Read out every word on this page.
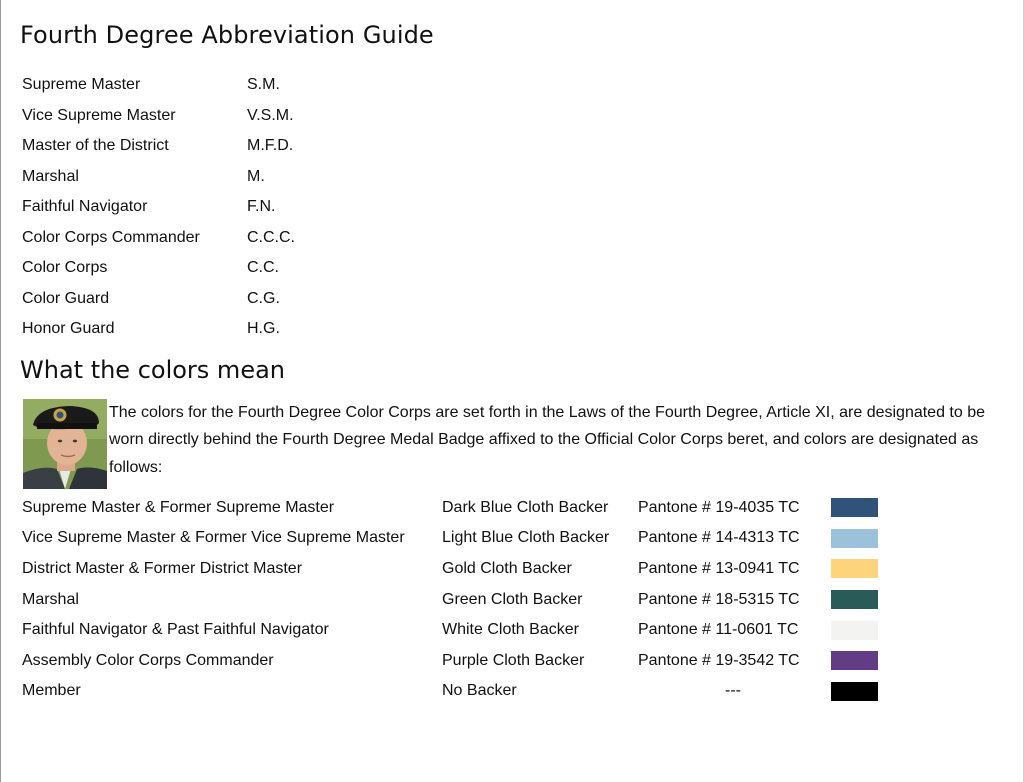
Fourth Degree Abbreviation Guide
Supreme Master	S.M.
Vice Supreme Master	V.S.M.
Master of the District	M.F.D.
Marshal	M.
Faithful Navigator	F.N.
Color Corps Commander	C.C.C.
Color Corps	C.C.
Color Guard	C.G.
Honor Guard	H.G.
What the colors mean

The colors for the Fourth Degree Color Corps are set forth in the Laws of the Fourth Degree, Article XI, are designated to be worn directly behind the Fourth Degree Medal Badge affixed to the Official Color Corps beret, and colors are designated as follows:

Supreme Master & Former Supreme Master	Dark Blue Cloth Backer	Pantone # 19-4035 TC	

Vice Supreme Master & Former Vice Supreme Master	Light Blue Cloth Backer	Pantone # 14-4313 TC	

District Master & Former District Master	Gold Cloth Backer	Pantone # 13-0941 TC	

Marshal	Green Cloth Backer	Pantone # 18-5315 TC	

Faithful Navigator & Past Faithful Navigator	White Cloth Backer	Pantone # 11-0601 TC	

Assembly Color Corps Commander	Purple Cloth Backer	Pantone # 19-3542 TC	

Member	No Backer	---	
